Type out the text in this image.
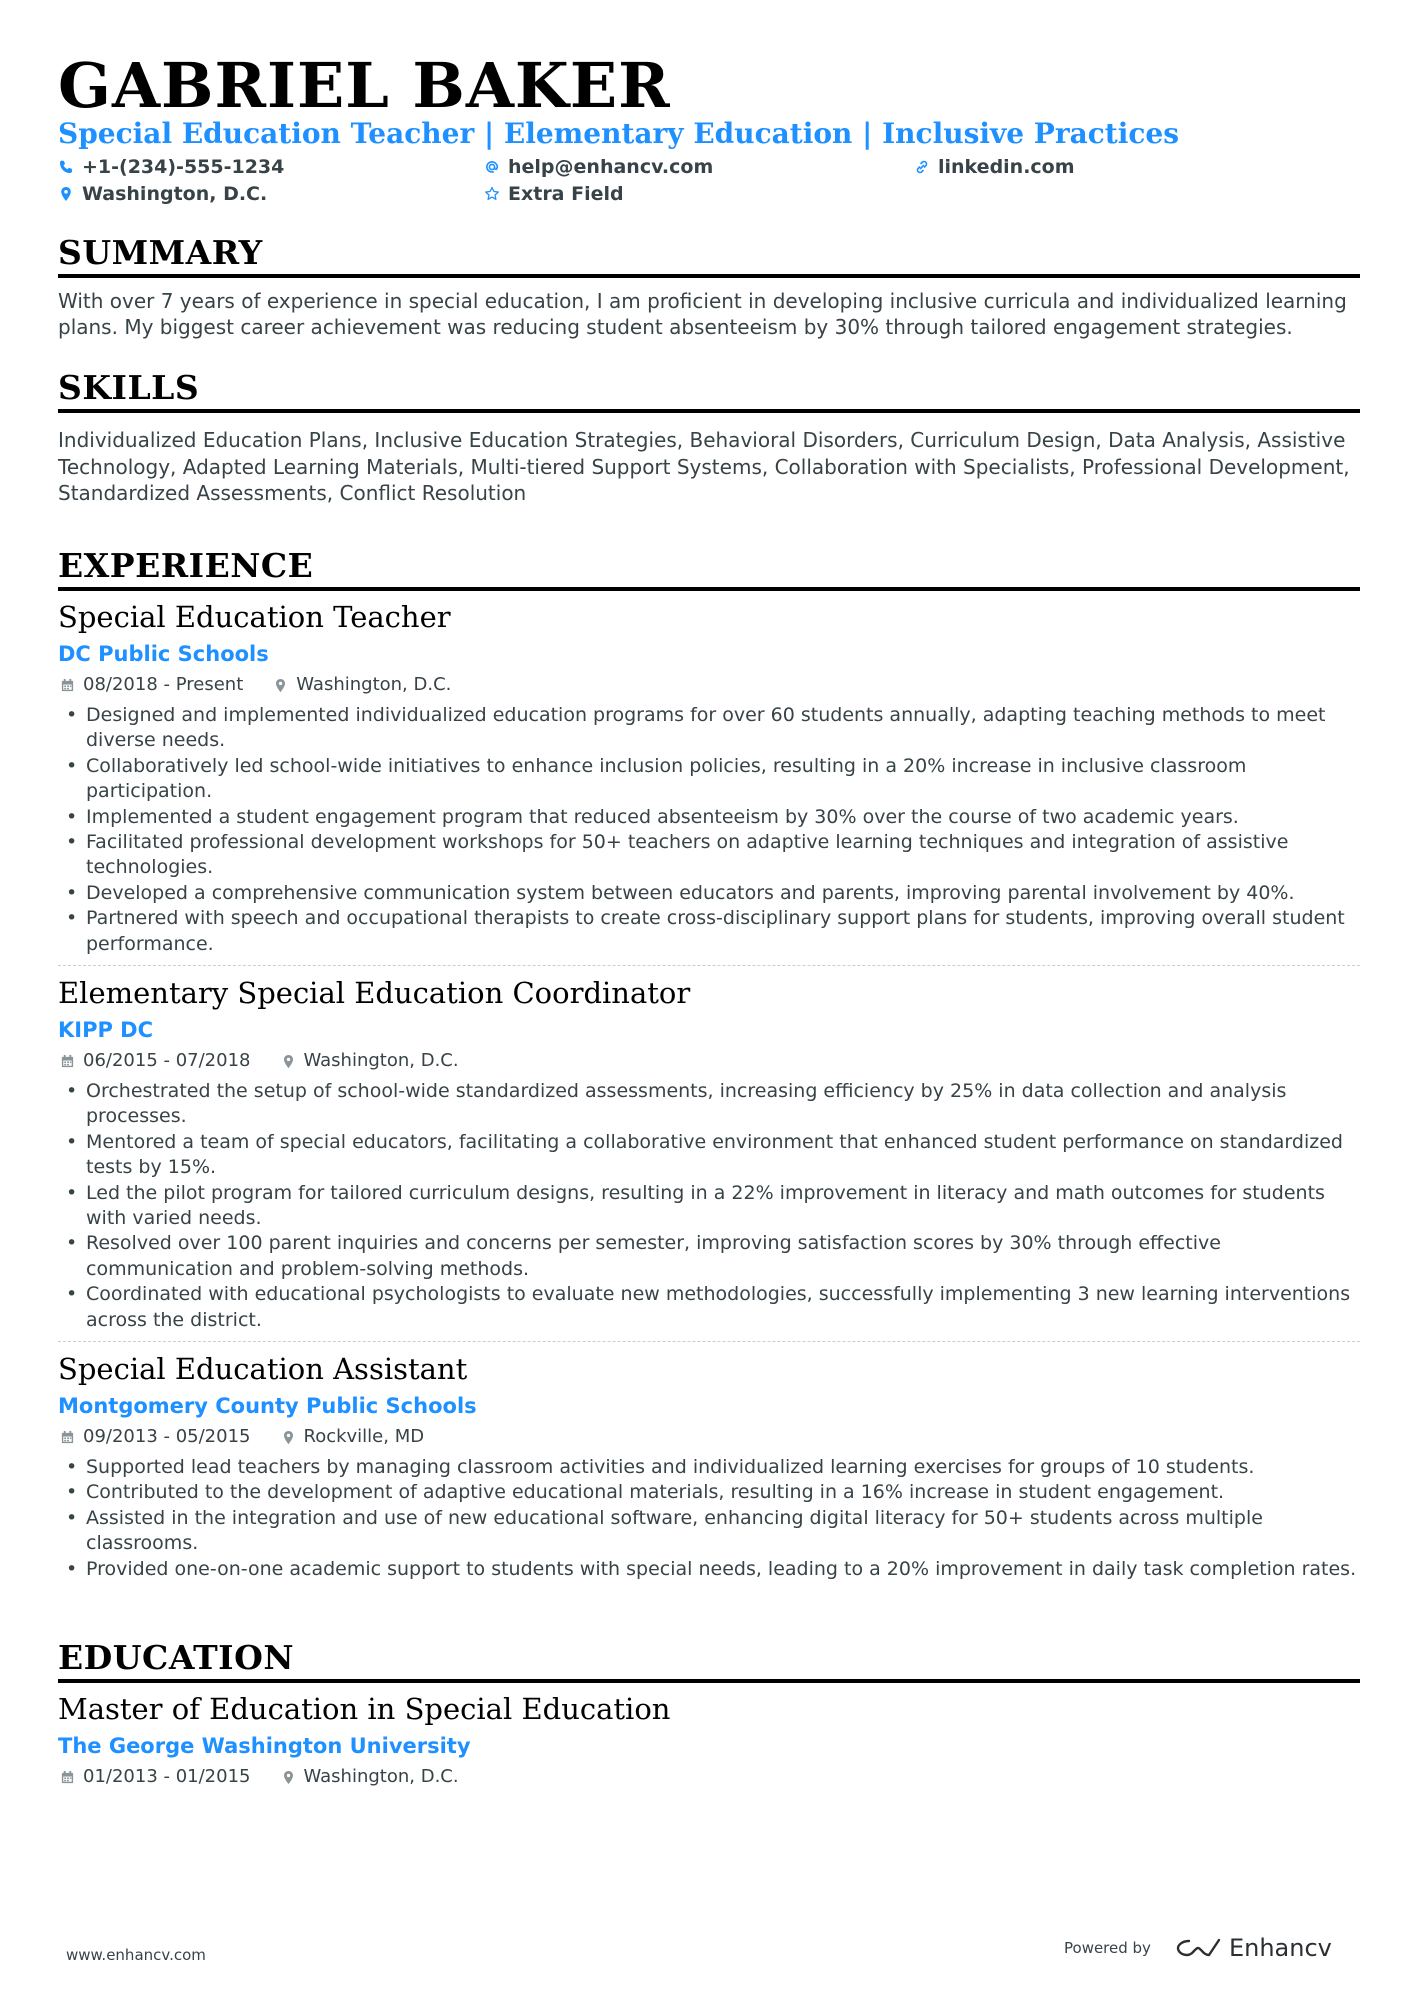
GABRIEL BAKER
Special Education Teacher | Elementary Education | Inclusive Practices
+1-(234)-555-1234	help@enhancv.com	linkedin.com
Washington, D.C.	Extra Field
SUMMARY
With over 7 years of experience in special education, I am proficient in developing inclusive curricula and individualized learning plans. My biggest career achievement was reducing student absenteeism by 30% through tailored engagement strategies.
SKILLS
Individualized Education Plans, Inclusive Education Strategies, Behavioral Disorders, Curriculum Design, Data Analysis, Assistive Technology, Adapted Learning Materials, Multi-tiered Support Systems, Collaboration with Specialists, Professional Development, Standardized Assessments, Conflict Resolution
EXPERIENCE
Special Education Teacher
DC Public Schools
08/2018 - Present	Washington, D.C.
• Designed and implemented individualized education programs for over 60 students annually, adapting teaching methods to meet diverse needs.
• Collaboratively led school-wide initiatives to enhance inclusion policies, resulting in a 20% increase in inclusive classroom participation.
• Implemented a student engagement program that reduced absenteeism by 30% over the course of two academic years.
• Facilitated professional development workshops for 50+ teachers on adaptive learning techniques and integration of assistive technologies.
• Developed a comprehensive communication system between educators and parents, improving parental involvement by 40%.
• Partnered with speech and occupational therapists to create cross-disciplinary support plans for students, improving overall student performance.
Elementary Special Education Coordinator
KIPP DC
06/2015 - 07/2018	Washington, D.C.
• Orchestrated the setup of school-wide standardized assessments, increasing efficiency by 25% in data collection and analysis processes.
• Mentored a team of special educators, facilitating a collaborative environment that enhanced student performance on standardized tests by 15%.
• Led the pilot program for tailored curriculum designs, resulting in a 22% improvement in literacy and math outcomes for students with varied needs.
• Resolved over 100 parent inquiries and concerns per semester, improving satisfaction scores by 30% through effective communication and problem-solving methods.
• Coordinated with educational psychologists to evaluate new methodologies, successfully implementing 3 new learning interventions across the district.
Special Education Assistant
Montgomery County Public Schools
09/2013 - 05/2015	Rockville, MD
• Supported lead teachers by managing classroom activities and individualized learning exercises for groups of 10 students.
• Contributed to the development of adaptive educational materials, resulting in a 16% increase in student engagement.
• Assisted in the integration and use of new educational software, enhancing digital literacy for 50+ students across multiple classrooms.
• Provided one-on-one academic support to students with special needs, leading to a 20% improvement in daily task completion rates.
EDUCATION
Master of Education in Special Education
The George Washington University
01/2013 - 01/2015	Washington, D.C.
www.enhancv.com	Powered by	Enhancv
